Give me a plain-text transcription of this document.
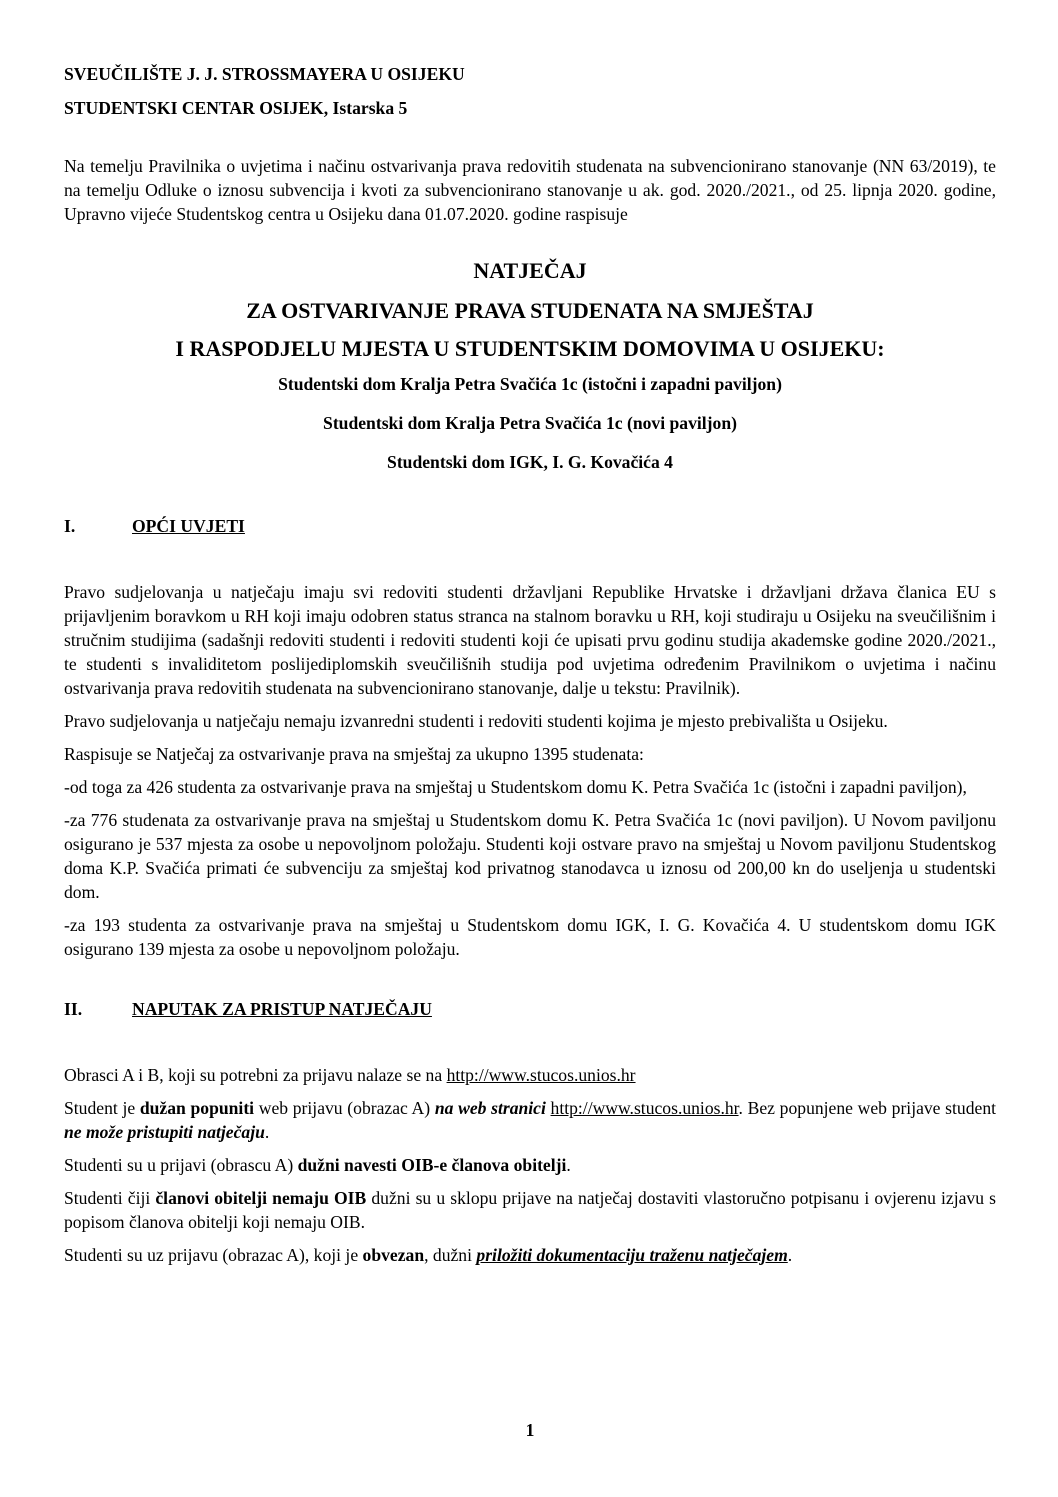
SVEUČILIŠTE J. J. STROSSMAYERA U OSIJEKU

STUDENTSKI CENTAR OSIJEK, Istarska 5

Na temelju Pravilnika o uvjetima i načinu ostvarivanja prava redovitih studenata na subvencionirano stanovanje (NN 63/2019), te na temelju Odluke o iznosu subvencija i kvoti za subvencionirano stanovanje u ak. god. 2020./2021., od 25. lipnja 2020. godine, Upravno vijeće Studentskog centra u Osijeku dana 01.07.2020. godine raspisuje

NATJEČAJ
ZA OSTVARIVANJE PRAVA STUDENATA NA SMJEŠTAJ
I RASPODJELU MJESTA U STUDENTSKIM DOMOVIMA U OSIJEKU:
Studentski dom Kralja Petra Svačića 1c (istočni i zapadni paviljon)
Studentski dom Kralja Petra Svačića 1c (novi paviljon)
Studentski dom IGK, I. G. Kovačića 4
I.	OPĆI UVJETI

Pravo sudjelovanja u natječaju imaju svi redoviti studenti državljani Republike Hrvatske i državljani država članica EU s prijavljenim boravkom u RH koji imaju odobren status stranca na stalnom boravku u RH, koji studiraju u Osijeku na sveučilišnim i stručnim studijima (sadašnji redoviti studenti i redoviti studenti koji će upisati prvu godinu studija akademske godine 2020./2021., te studenti s invaliditetom poslijediplomskih sveučilišnih studija pod uvjetima određenim Pravilnikom o uvjetima i načinu ostvarivanja prava redovitih studenata na subvencionirano stanovanje, dalje u tekstu: Pravilnik).

Pravo sudjelovanja u natječaju nemaju izvanredni studenti i redoviti studenti kojima je mjesto prebivališta u Osijeku.

Raspisuje se Natječaj za ostvarivanje prava na smještaj za ukupno 1395 studenata:

-od toga za 426 studenta za ostvarivanje prava na smještaj u Studentskom domu K. Petra Svačića 1c (istočni i zapadni paviljon),

-za 776 studenata za ostvarivanje prava na smještaj u Studentskom domu K. Petra Svačića 1c (novi paviljon). U Novom paviljonu osigurano je 537 mjesta za osobe u nepovoljnom položaju. Studenti koji ostvare pravo na smještaj u Novom paviljonu Studentskog doma K.P. Svačića primati će subvenciju za smještaj kod privatnog stanodavca u iznosu od 200,00 kn do useljenja u studentski dom.

-za 193 studenta za ostvarivanje prava na smještaj u Studentskom domu IGK, I. G. Kovačića 4. U studentskom domu IGK osigurano 139 mjesta za osobe u nepovoljnom položaju.

II.	NAPUTAK ZA PRISTUP NATJEČAJU

Obrasci A i B, koji su potrebni za prijavu nalaze se na http://www.stucos.unios.hr

Student je dužan popuniti web prijavu (obrazac A) na web stranici http://www.stucos.unios.hr. Bez popunjene web prijave student ne može pristupiti natječaju.

Studenti su u prijavi (obrascu A) dužni navesti OIB-e članova obitelji.

Studenti čiji članovi obitelji nemaju OIB dužni su u sklopu prijave na natječaj dostaviti vlastoručno potpisanu i ovjerenu izjavu s popisom članova obitelji koji nemaju OIB.

Studenti su uz prijavu (obrazac A), koji je obvezan, dužni priložiti dokumentaciju traženu natječajem.

1
